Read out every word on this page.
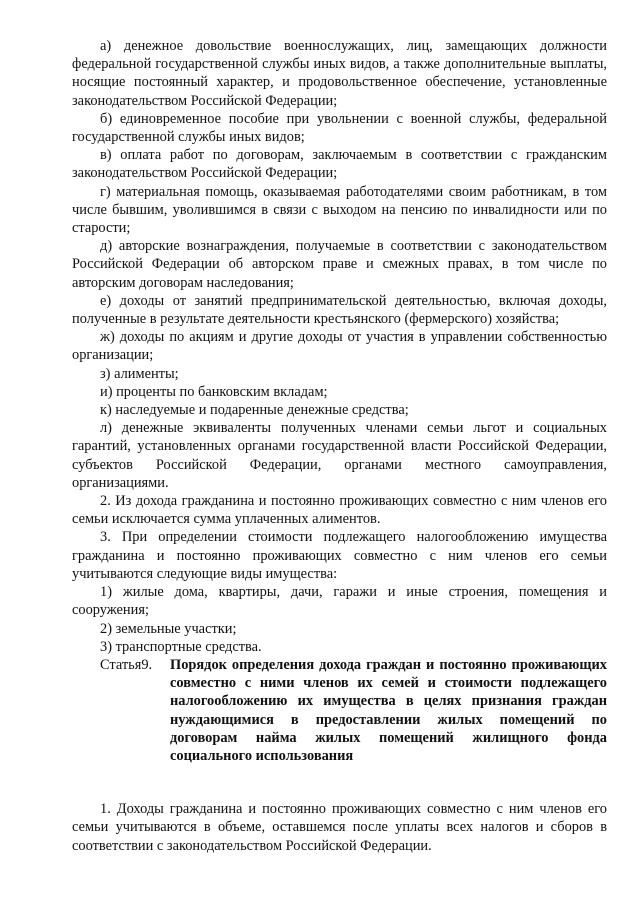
а) денежное довольствие военнослужащих, лиц, замещающих должности федеральной государственной службы иных видов, а также дополнительные выплаты, носящие постоянный характер, и продовольственное обеспечение, установленные законодательством Российской Федерации;

б) единовременное пособие при увольнении с военной службы, федеральной государственной службы иных видов;

в) оплата работ по договорам, заключаемым в соответствии с гражданским законодательством Российской Федерации;

г) материальная помощь, оказываемая работодателями своим работникам, в том числе бывшим, уволившимся в связи с выходом на пенсию по инвалидности или по старости;

д) авторские вознаграждения, получаемые в соответствии с законодательством Российской Федерации об авторском праве и смежных правах, в том числе по авторским договорам наследования;

е) доходы от занятий предпринимательской деятельностью, включая доходы, полученные в результате деятельности крестьянского (фермерского) хозяйства;

ж) доходы по акциям и другие доходы от участия в управлении собственностью организации;

з) алименты;

и) проценты по банковским вкладам;

к) наследуемые и подаренные денежные средства;

л) денежные эквиваленты полученных членами семьи льгот и социальных гарантий, установленных органами государственной власти Российской Федерации, субъектов Российской Федерации, органами местного самоуправления, организациями.

2. Из дохода гражданина и постоянно проживающих совместно с ним членов его семьи исключается сумма уплаченных алиментов.

3. При определении стоимости подлежащего налогообложению имущества гражданина и постоянно проживающих совместно с ним членов его семьи учитываются следующие виды имущества:

1) жилые дома, квартиры, дачи, гаражи и иные строения, помещения и сооружения;

2) земельные участки;

3) транспортные средства.

Статья 9. Порядок определения дохода граждан и постоянно проживающих совместно с ними членов их семей и стоимости подлежащего налогообложению их имущества в целях признания граждан нуждающимися в предоставлении жилых помещений по договорам найма жилых помещений жилищного фонда социального использования

1. Доходы гражданина и постоянно проживающих совместно с ним членов его семьи учитываются в объеме, оставшемся после уплаты всех налогов и сборов в соответствии с законодательством Российской Федерации.
